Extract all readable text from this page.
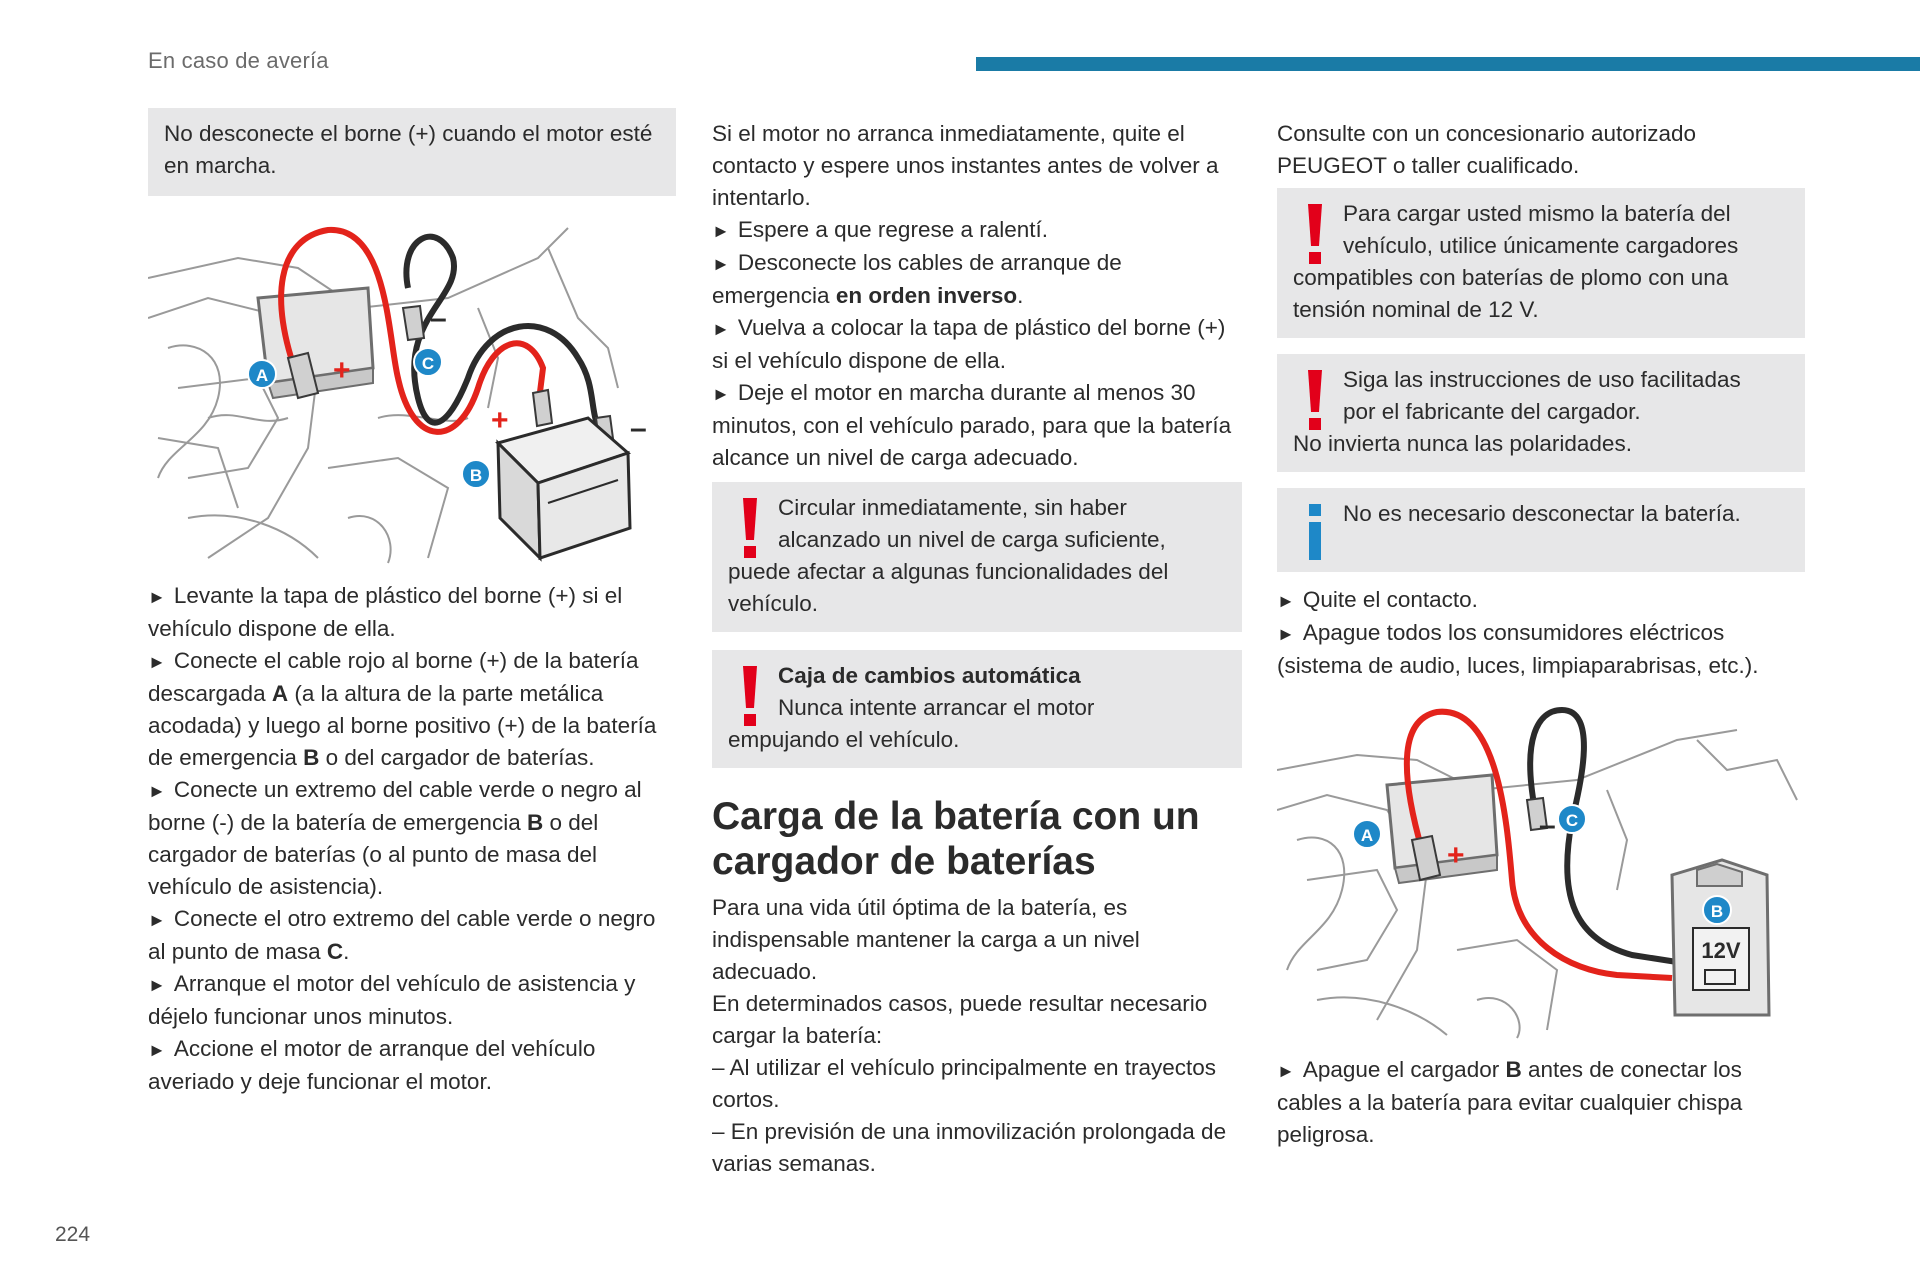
En caso de avería

No desconecte el borne (+) cuando el motor esté en marcha.

+
+	–
–
A
C
B

► Levante la tapa de plástico del borne (+) si el vehículo dispone de ella.

► Conecte el cable rojo al borne (+) de la batería descargada A (a la altura de la parte metálica acodada) y luego al borne positivo (+) de la batería de emergencia B o del cargador de baterías.

► Conecte un extremo del cable verde o negro al borne (-) de la batería de emergencia B o del cargador de baterías (o al punto de masa del vehículo de asistencia).

► Conecte el otro extremo del cable verde o negro al punto de masa C.

► Arranque el motor del vehículo de asistencia y déjelo funcionar unos minutos.

► Accione el motor de arranque del vehículo averiado y deje funcionar el motor.

Si el motor no arranca inmediatamente, quite el contacto y espere unos instantes antes de volver a intentarlo.

► Espere a que regrese a ralentí.

► Desconecte los cables de arranque de emergencia en orden inverso.

► Vuelva a colocar la tapa de plástico del borne (+) si el vehículo dispone de ella.

► Deje el motor en marcha durante al menos 30 minutos, con el vehículo parado, para que la batería alcance un nivel de carga adecuado.

Circular inmediatamente, sin haber

alcanzado un nivel de carga suficiente,

puede afectar a algunas funcionalidades del vehículo.

Caja de cambios automática

Nunca intente arrancar el motor

empujando el vehículo.

Carga de la batería con un cargador de baterías

Para una vida útil óptima de la batería, es indispensable mantener la carga a un nivel adecuado.

En determinados casos, puede resultar necesario cargar la batería:

– Al utilizar el vehículo principalmente en trayectos cortos.

– En previsión de una inmovilización prolongada de varias semanas.

Consulte con un concesionario autorizado PEUGEOT o taller cualificado.

Para cargar usted mismo la batería del

vehículo, utilice únicamente cargadores

compatibles con baterías de plomo con una tensión nominal de 12 V.

Siga las instrucciones de uso facilitadas

por el fabricante del cargador.

No invierta nunca las polaridades.

No es necesario desconectar la batería.

► Quite el contacto.

► Apague todos los consumidores eléctricos (sistema de audio, luces, limpiaparabrisas, etc.).

+
–
12V
A
C
B

► Apague el cargador B antes de conectar los cables a la batería para evitar cualquier chispa peligrosa.

224
